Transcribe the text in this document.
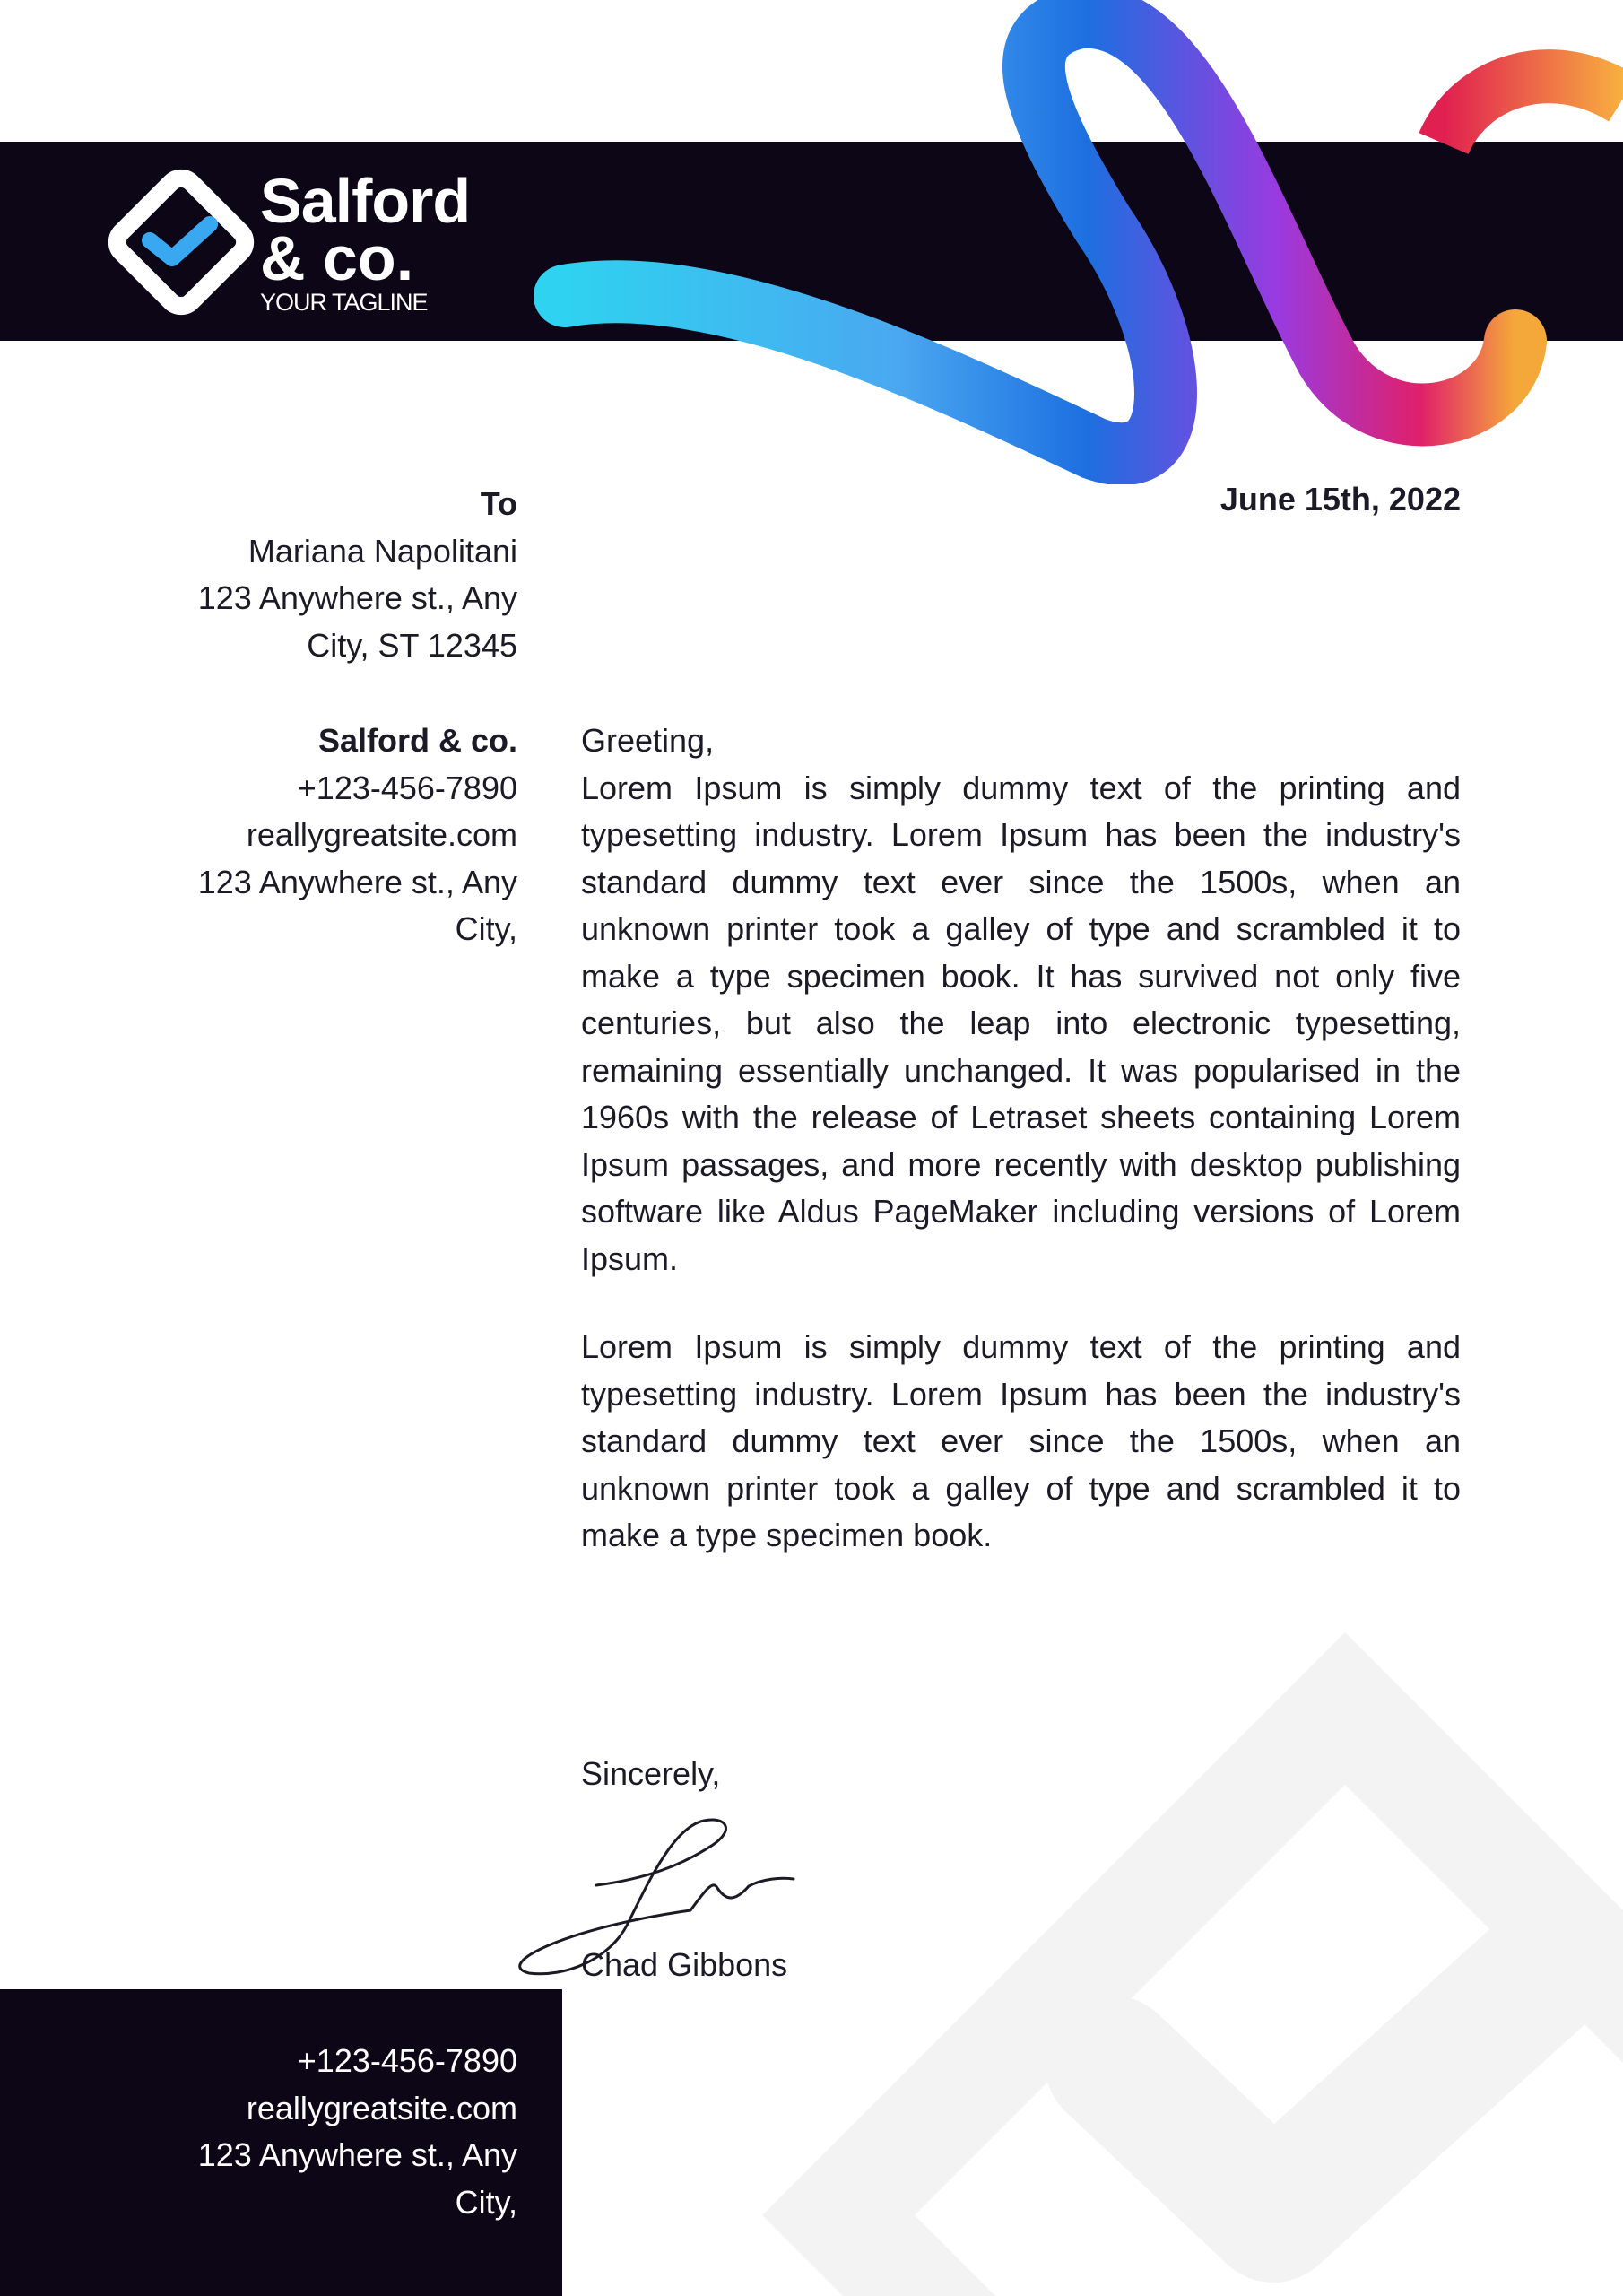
Salford
& co.
YOUR TAGLINE
To
Mariana Napolitani
123 Anywhere st., Any
City, ST 12345
June 15th, 2022
Salford & co.
+123-456-7890
reallygreatsite.com
123 Anywhere st., Any
City,
Greeting,

Lorem Ipsum is simply dummy text of the printing and typesetting industry. Lorem Ipsum has been the industry's standard dummy text ever since the 1500s, when an unknown printer took a galley of type and scrambled it to make a type specimen book. It has survived not only five centuries, but also the leap into electronic typesetting, remaining essentially unchanged. It was popularised in the 1960s with the release of Letraset sheets containing Lorem Ipsum passages, and more recently with desktop publishing software like Aldus PageMaker including versions of Lorem Ipsum.

Lorem Ipsum is simply dummy text of the printing and typesetting industry. Lorem Ipsum has been the industry's standard dummy text ever since the 1500s, when an unknown printer took a galley of type and scrambled it to make a type specimen book.

Sincerely,
Chad Gibbons
+123-456-7890
reallygreatsite.com
123 Anywhere st., Any
City,
